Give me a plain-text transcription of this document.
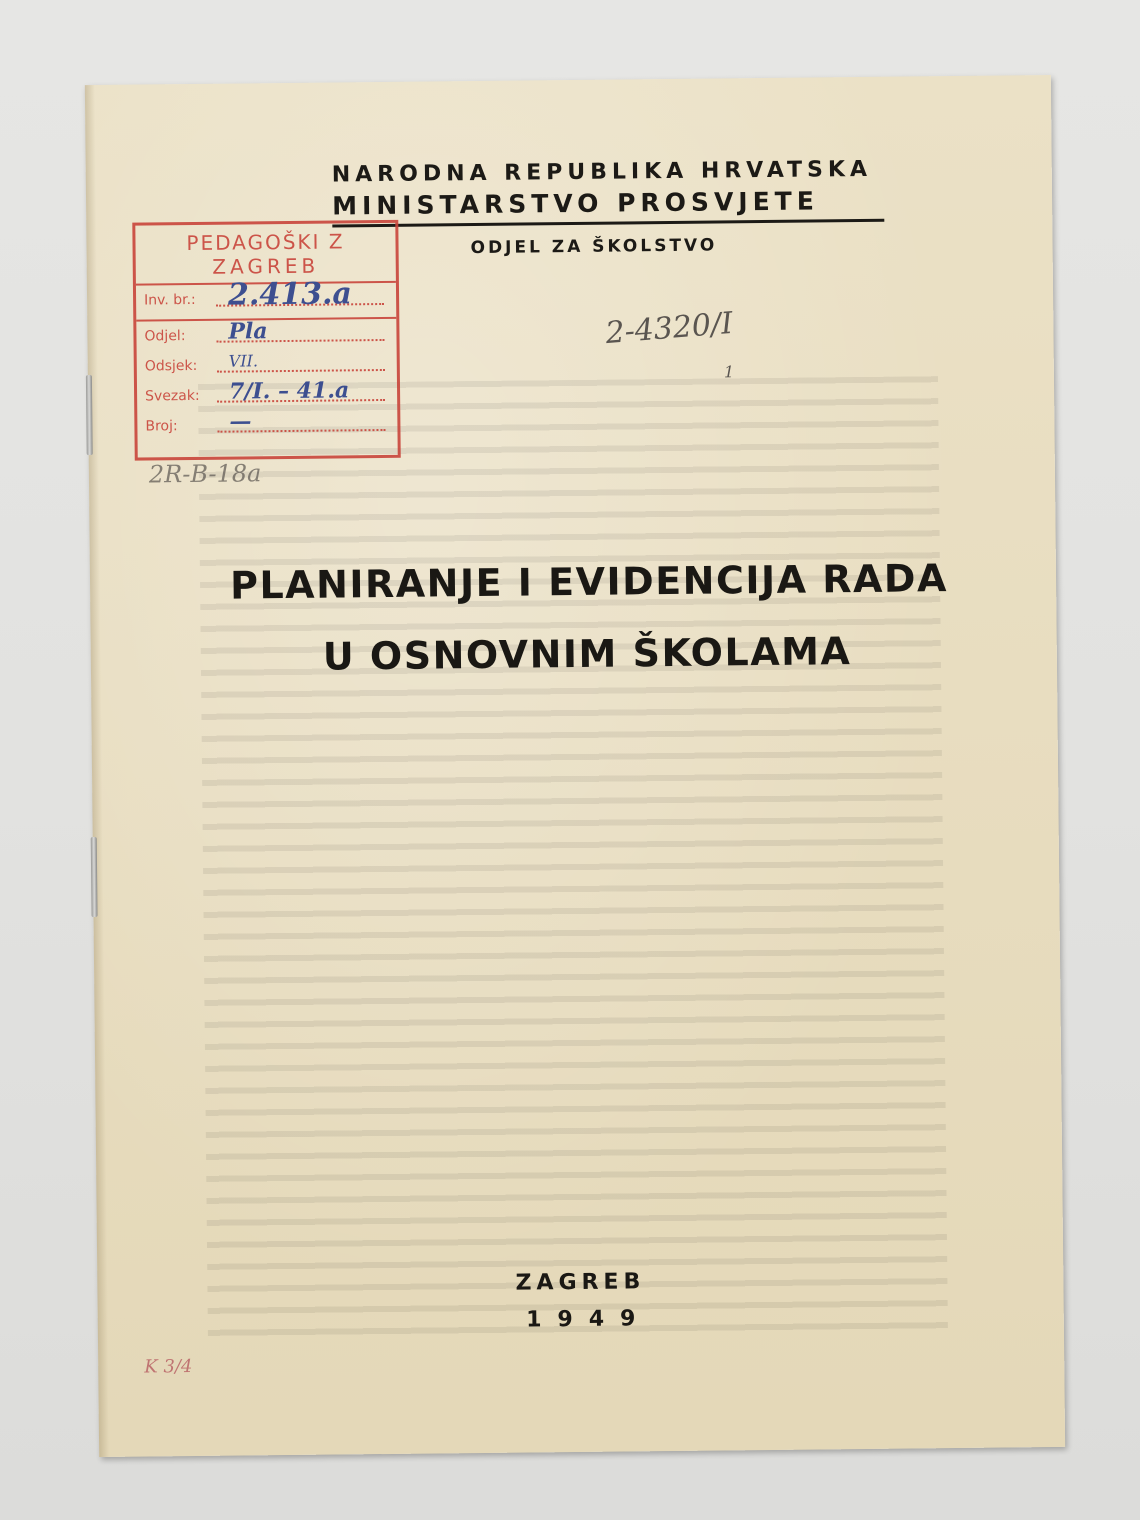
NARODNA REPUBLIKA HRVATSKA
MINISTARSTVO PROSVJETE
ODJEL ZA ŠKOLSTVO
PEDAGOŠKI Z
ZAGREB
Inv. br.: 2.413.a
Odjel: Pla
Odsjek: VII.
Svezak: 7/I. – 41.a
Broj: —
2-4320/I
1
2R-B-18a
K 3/4
PLANIRANJE I EVIDENCIJA RADA
U OSNOVNIM ŠKOLAMA
ZAGREB
1949
